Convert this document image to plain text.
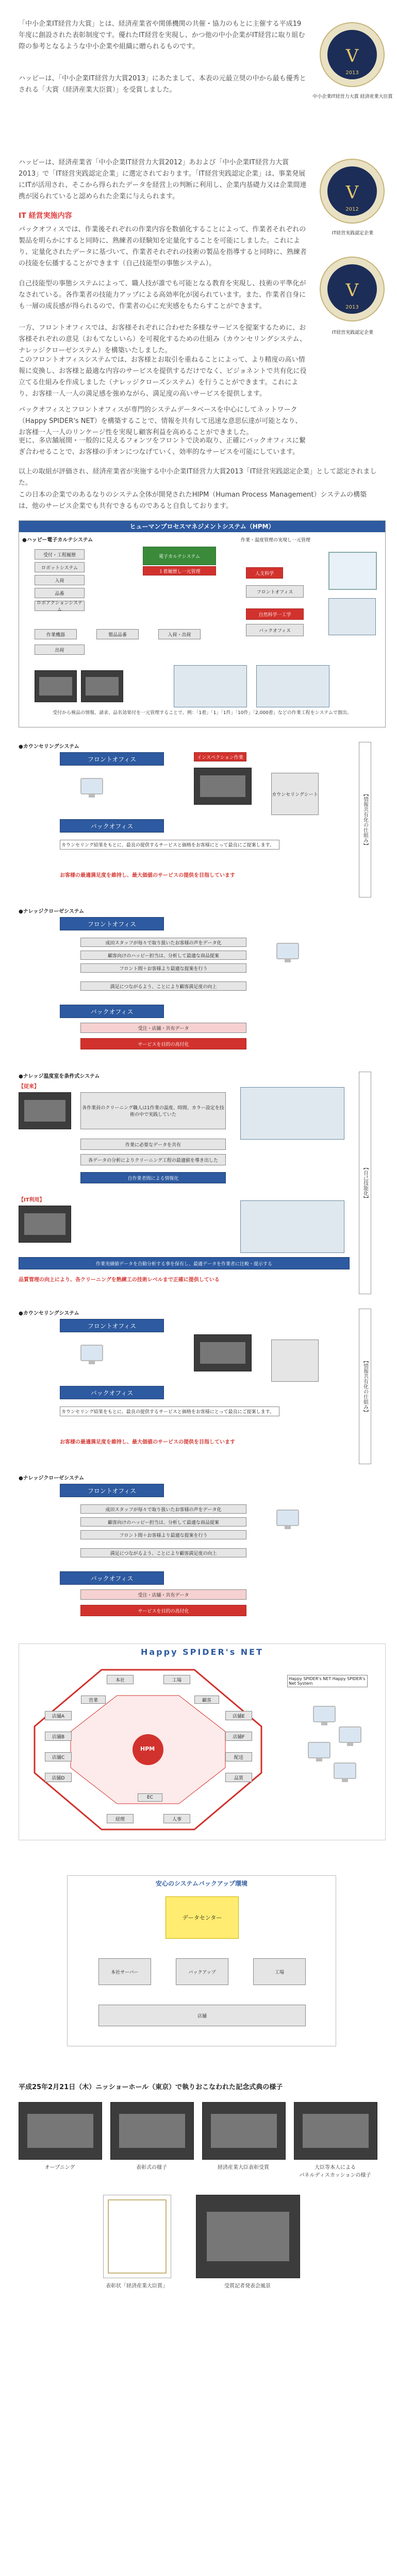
「中小企業IT経営力大賞」とは、経済産業省や関係機関の共催・協力のもとに主催する平成19年度に創設された表彰制度です。優れたIT経営を実現し、かつ他の中小企業がIT経営に取り組む際の参考となるような中小企業や組織に贈られるものです。
ハッピーは、「中小企業IT経営力大賞2013」にあたまして、本表の元最立奨の中から最も優秀とされる「大賞（経済産業大臣賞）」を受賞しました。
ハッピーは、経済産業省「中小企業IT経営力大賞2012」あおよび「中小企業IT経営力大賞2013」で「IT経営実践認定企業」に選定されております。「IT経営実践認定企業」は、事業発展にITが活用され、そこから得られたデータを経営上の判断に利用し、企業内基礎力又は企業間連携が図られていると認められた企業に与えられます。
V
2013
中小企業IT経営力大賞 経済産業大臣賞
V
2012
IT経営実践認定企業
V
2013
IT経営実践認定企業
IT 経営実施内容
バックオフィスでは、作業後それぞれの作業内容を数値化することによって、作業者それぞれの製品を明らかにすると同時に、熟練者の経験知を定量化することを可能にしました。これにより、定量化されたデータに基づいて、作業者それぞれの技術の製品を指導すると同時に、熟練者の技能を伝播することができます（自己技能型の事態システム）。
自己技能型の事態システムによって、職人技が誰でも可能となる教育を実現し、技術の平準化がなされている。各作業者の技能力アップによる高効率化が図られています。また、作業者自身にも一層の成長感が得られるので、作業者の心に充実感をもたらすことができます。
一方、フロントオフィスでは、お客様それぞれに合わせた多様なサービスを提案するために、お客様それぞれの意見（おもてなしいら）を可視化するための仕組み（カウンセリングシステム、ナレッジクローゼシステム）を構築いたしました。
このフロントオフィスシステムでは、お客様とお取引を重ねることによって、より精度の高い情報に変換し、お客様と最適な内容のサービスを提供するだけでなく、ビジョネントで共有化に役立てる仕組みを作成しました（ナレッジクローズシステム）を行うことができます。これにより、お客様一人一人の満足感を強めながら、満足度の高いサービスを提供します。
バックオフィスとフロントオフィスが専門的システムデータベースを中心にしてネットワーク（Happy SPIDER's NET）を構築することで、情報を共有して迅速な意思伝達が可能となり、お客様一人一人のリンケージ性を実現し顧客利益を高めることができました。
更に、多店舗展開・一般的に見えるフォンツをフロントで決め取り、正確にバックオフィスに繋ぎ合わせることで、お客様の手オンにつなげていく、効率的なサービスを可能にしています。
以上の取組が評価され、経済産業省が実施する中小企業IT経営力大賞2013「IT経営実践認定企業」として認定されました。
この日本の企業でのあるなりのシステム全体が開発されたHIPM（Human Process Management）システムの構築は、他のサービス企業でも共有できるものであると自負しております。
ヒューマンプロセスマネジメントシステム（HPM）
●ハッピー電子カルテシステム	作業・温度管理の実現し一元管理
受付・工程履歴
ロボットシステム
入荷
品番
ロボアクションシステム
電子カルテシステム
１着履歴し一元管理	人支科学
フロントオフィス
自然科学一工学
バックオフィス
作業機器	製品品番	入荷・出荷
出荷
受付から検品の情報、請求、品名効果付を一元管理することで、例：「1着」「1」「1件」「10件」「2,000着」などの作業工程をシステムで割出。
●カウンセリングシステム
フロントオフィス	インスペクション作業
カウンセリングシート
バックオフィス
カウンセリング結果をもとに、最良の提供するサービスと価格をお客様にとって最良にご提案します。
お客様の最適満足度を維持し、最大価値のサービスの提供を目指しています
【情報共有化の仕組み】
●ナレッジクローゼシステム
フロントオフィス
成田スタッフが毎々で取り扱いたお客様の声をデータ化
顧客向けのハッピー担当は、分析して最適な商品提案
フロント間＋お客様より最適な提案を行う
満足につながるよう、ことにより顧客満足度の向上
バックオフィス
受注・店舗・共有データ
サービスを目的の高付化
●ナレッジ温度室を条件式システム
【従来】
各作業員のクリーニング職人は1作業の温度、時間、カラー設定を技術の中で実践していた
作業に必要なデータを共有
各データの分析によりクリーニング工程の最適値を導き出した
自作業者間による情報化
【IT利用】
作業実績値データを自動分析する事を保有し、最適データを作業者に比較・提示する
品質管理の向上により、各クリーニングを熟練工の技術レベルまで正確に提供している
【自己技能化】
●カウンセリングシステム
フロントオフィス
バックオフィス
カウンセリング結果をもとに、最良の提供するサービスと価格をお客様にとって最良にご提案します。
お客様の最適満足度を維持し、最大価値のサービスの提供を目指しています
【情報共有化の仕組み】
●ナレッジクローゼシステム
フロントオフィス
成田スタッフが毎々で取り扱いたお客様の声をデータ化
顧客向けのハッピー担当は、分析して最適な商品提案
フロント間＋お客様より最適な提案を行う
満足につながるよう、ことにより顧客満足度の向上
バックオフィス
受注・店舗・共有データ
サービスを目的の高付化
Happy SPIDER's NET
HPM
本社	工場
店舗A
店舗B
店舗C
店舗D
店舗E
店舗F
配送
品質
経理	人事
営業	顧客
EC
Happy SPIDER's NET Happy SPIDER's Net System
安心のシステムバックアップ環境
データセンター
本社サーバー	バックアップ	工場
店舗
平成25年2月21日（木）ニッショーホール（東京）で執りおこなわれた記念式典の様子
オープニング	表彰式の様子	経済産業大臣表彰受賞	大臣等本人による
パネルディスカッションの様子
表彰状「経済産業大臣賞」	受賞記者発表会風景
